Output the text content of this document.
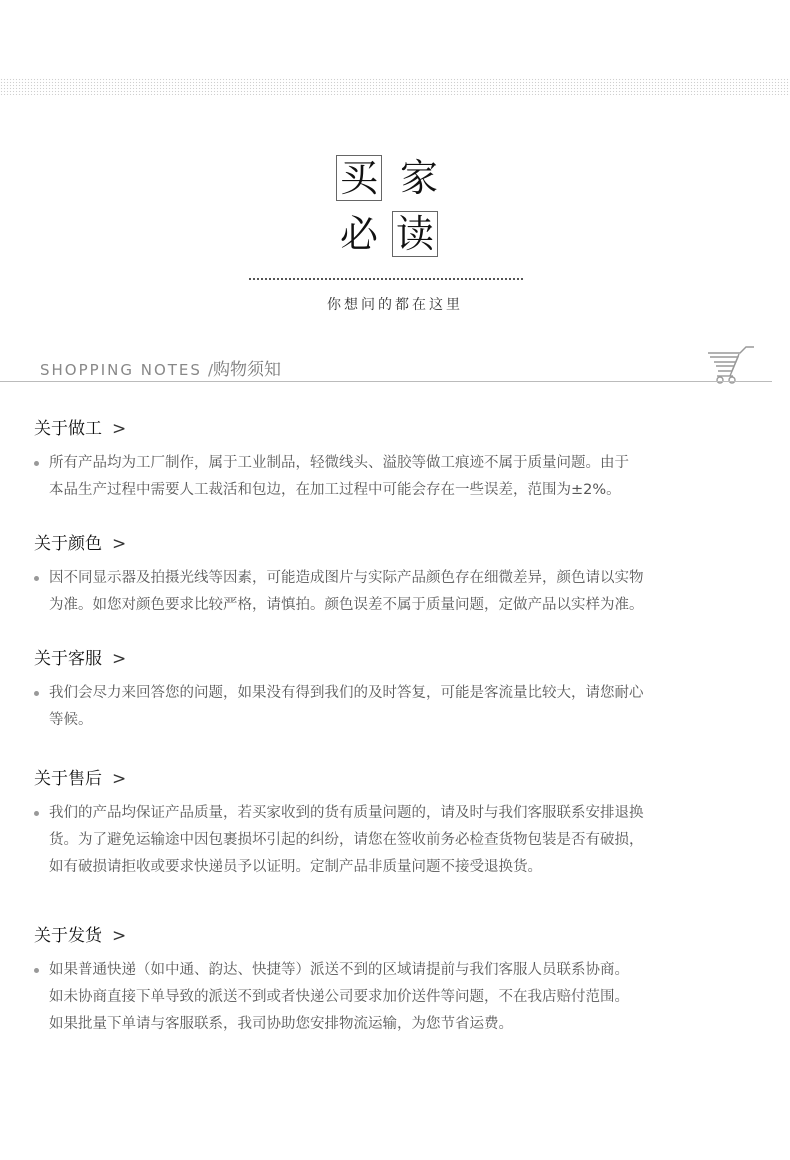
买 家
必 读
你想问的都在这里
SHOPPING NOTES /购物须知
关于做工 >
所有产品均为工厂制作，属于工业制品，轻微线头、溢胶等做工痕迹不属于质量问题。由于
本品生产过程中需要人工裁活和包边，在加工过程中可能会存在一些误差，范围为±2%。
关于颜色 >
因不同显示器及拍摄光线等因素，可能造成图片与实际产品颜色存在细微差异，颜色请以实物
为准。如您对颜色要求比较严格，请慎拍。颜色误差不属于质量问题，定做产品以实样为准。
关于客服 >
我们会尽力来回答您的问题，如果没有得到我们的及时答复，可能是客流量比较大，请您耐心
等候。
关于售后 >
我们的产品均保证产品质量，若买家收到的货有质量问题的，请及时与我们客服联系安排退换
货。为了避免运输途中因包裹损坏引起的纠纷，请您在签收前务必检查货物包装是否有破损，
如有破损请拒收或要求快递员予以证明。定制产品非质量问题不接受退换货。
关于发货 >
如果普通快递（如中通、韵达、快捷等）派送不到的区域请提前与我们客服人员联系协商。
如未协商直接下单导致的派送不到或者快递公司要求加价送件等问题，不在我店赔付范围。
如果批量下单请与客服联系，我司协助您安排物流运输，为您节省运费。
